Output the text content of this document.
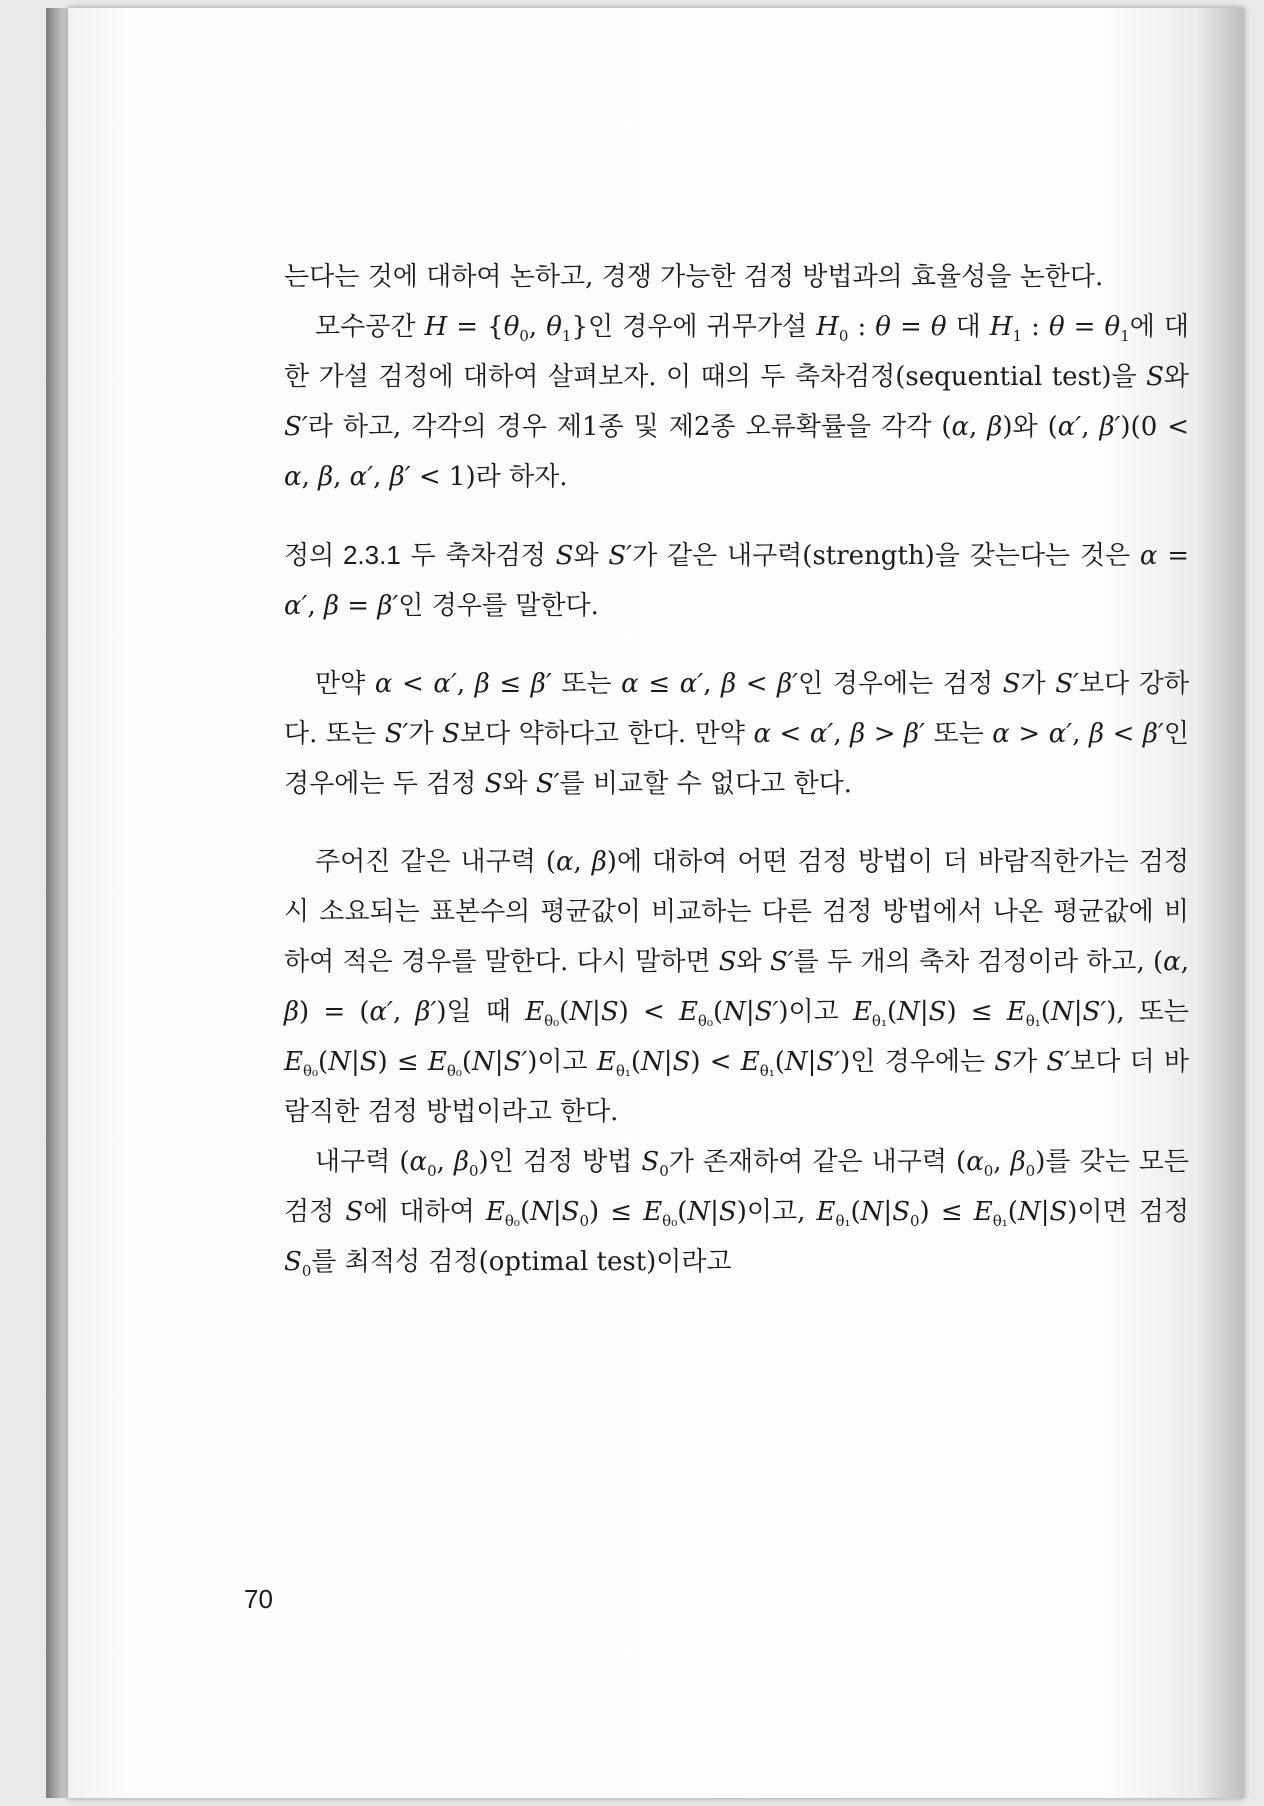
는다는 것에 대하여 논하고, 경쟁 가능한 검정 방법과의 효율성을 논한다.

모수공간 $H = \{\theta_0$, $\theta_1$}인 경우에 귀무가설 $H_0$ : θ = θ 대 $H_1$ : $\theta = \theta_1$에 대한 가설 검정에 대하여 살펴보자. 이 때의 두 축차검정(sequential test)을 S와 S′라 하고, 각각의 경우 제1종 및 제2종 오류확률을 각각 (α, β)와 (α′, β′)(0 < α, β, α′, β′ < 1)라 하자.

정의 2.3.1 두 축차검정 S와 S′가 같은 내구력(strength)을 갖는다는 것은 α = α′, β = β′인 경우를 말한다.

만약 α < α′, β ≤ β′ 또는 α ≤ α′, β < β′인 경우에는 검정 S가 S′보다 강하다. 또는 S′가 S보다 약하다고 한다. 만약 α < α′, β > β′ 또는 α > α′, β < β′인 경우에는 두 검정 S와 S′를 비교할 수 없다고 한다.

주어진 같은 내구력 (α, β)에 대하여 어떤 검정 방법이 더 바람직한가는 검정시 소요되는 표본수의 평균값이 비교하는 다른 검정 방법에서 나온 평균값에 비하여 적은 경우를 말한다. 다시 말하면 S와 S′를 두 개의 축차 검정이라 하고, (α, β) = (α′, β′)일 때 $E_{\theta_0}(N|S) < E_{\theta_0}(N|S')$이고 $E_{\theta_1}(N|S) \le E_{\theta_1}(N|S')$, 또는 $E_{\theta_0}(N|S) \le E_{\theta_0}(N|S')$이고 $E_{\theta_1}(N|S) < E_{\theta_1}(N|S')$인 경우에는 S가 S′보다 더 바람직한 검정 방법이라고 한다.

내구력 ($\alpha_0$, $\beta_0$)인 검정 방법 $S_0$가 존재하여 같은 내구력 ($\alpha_0$, $\beta_0$)를 갖는 모든 검정 S에 대하여 $E_{\theta_0}(N|S_0) \le E_{\theta_0}(N|S)$이고, $E_{\theta_1}(N|S_0) \le E_{\theta_1}(N|S)$이면 검정 $S_0$를 최적성 검정(optimal test)이라고

70
